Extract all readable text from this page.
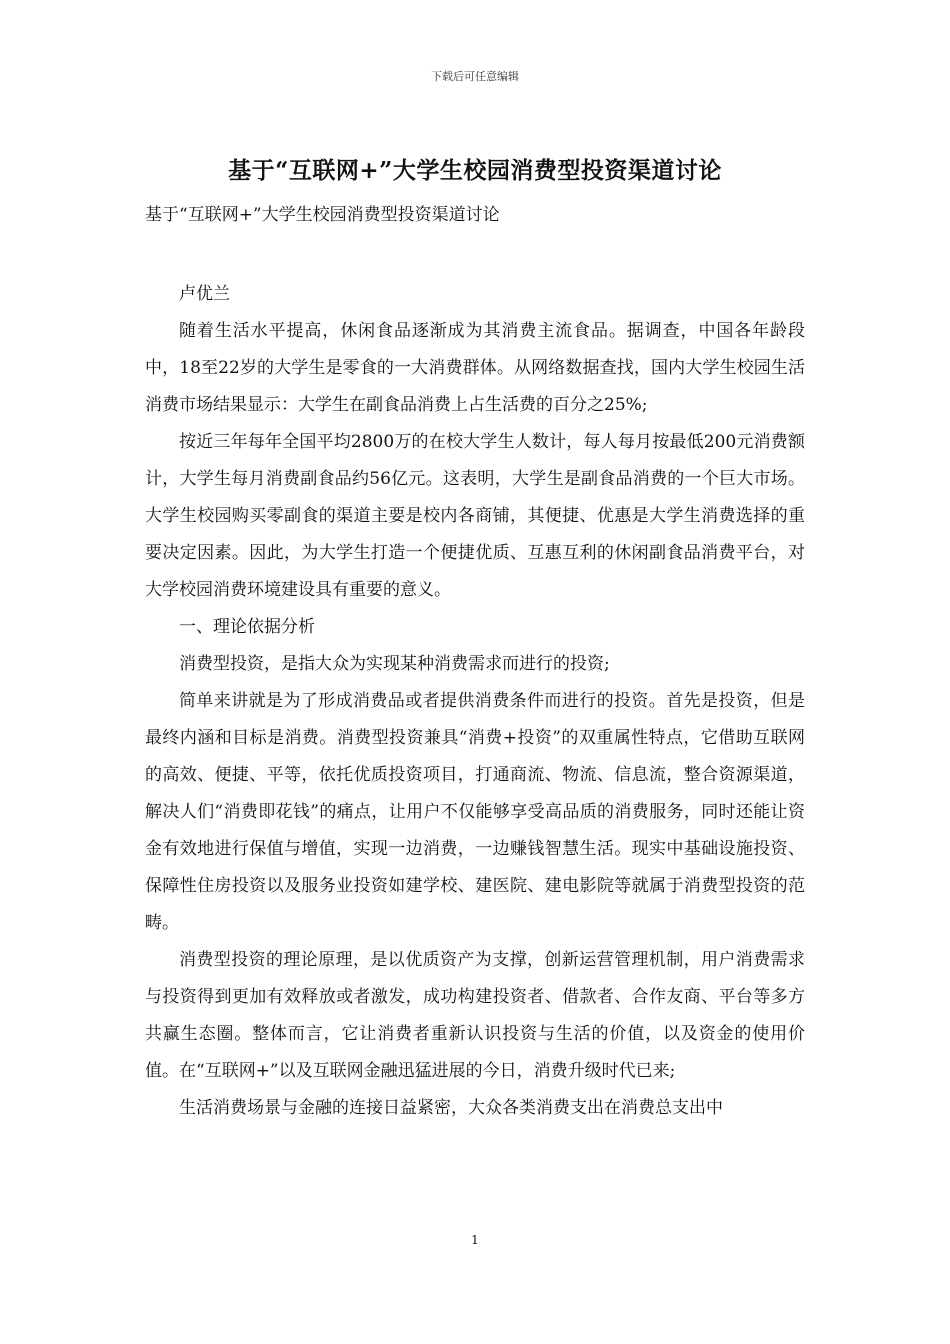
下载后可任意编辑
基于“互联网+”大学生校园消费型投资渠道讨论
基于“互联网+”大学生校园消费型投资渠道讨论

卢优兰

随着生活水平提高，休闲食品逐渐成为其消费主流食品。据调查，中国各年龄段中，18至22岁的大学生是零食的一大消费群体。从网络数据查找，国内大学生校园生活消费市场结果显示：大学生在副食品消费上占生活费的百分之25%;

按近三年每年全国平均2800万的在校大学生人数计，每人每月按最低200元消费额计，大学生每月消费副食品约56亿元。这表明，大学生是副食品消费的一个巨大市场。大学生校园购买零副食的渠道主要是校内各商铺，其便捷、优惠是大学生消费选择的重要决定因素。因此，为大学生打造一个便捷优质、互惠互利的休闲副食品消费平台，对大学校园消费环境建设具有重要的意义。

一、理论依据分析

消费型投资，是指大众为实现某种消费需求而进行的投资;

简单来讲就是为了形成消费品或者提供消费条件而进行的投资。首先是投资，但是最终内涵和目标是消费。消费型投资兼具“消费+投资”的双重属性特点，它借助互联网的高效、便捷、平等，依托优质投资项目，打通商流、物流、信息流，整合资源渠道，解决人们“消费即花钱”的痛点，让用户不仅能够享受高品质的消费服务，同时还能让资金有效地进行保值与增值，实现一边消费，一边赚钱智慧生活。现实中基础设施投资、保障性住房投资以及服务业投资如建学校、建医院、建电影院等就属于消费型投资的范畴。

消费型投资的理论原理，是以优质资产为支撑，创新运营管理机制，用户消费需求与投资得到更加有效释放或者激发，成功构建投资者、借款者、合作友商、平台等多方共赢生态圈。整体而言，它让消费者重新认识投资与生活的价值，以及资金的使用价值。在“互联网+”以及互联网金融迅猛进展的今日，消费升级时代已来;

生活消费场景与金融的连接日益紧密，大众各类消费支出在消费总支出中

1
